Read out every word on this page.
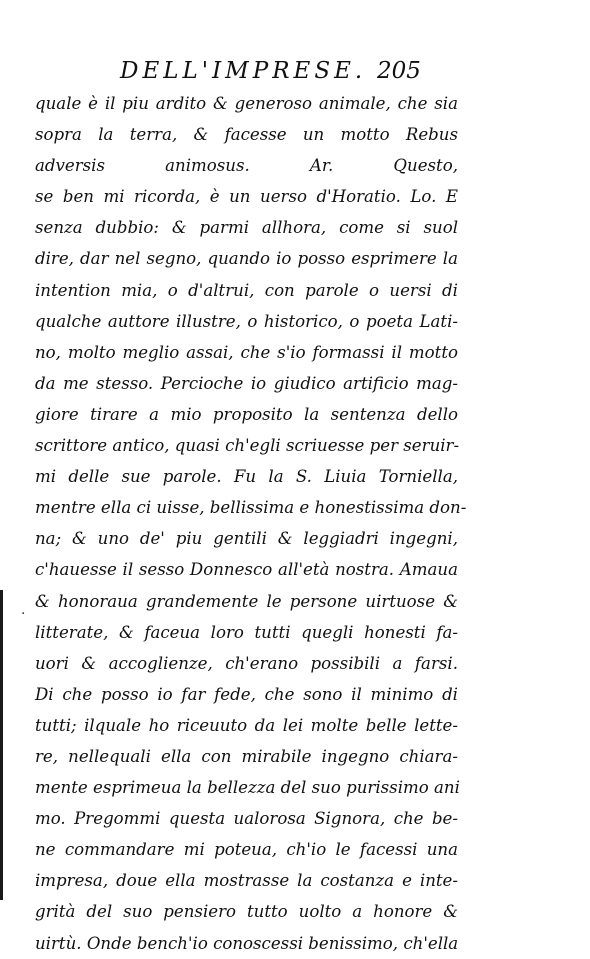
DELL'IMPRESE. 205
·
quale è il piu ardito & generoso animale, che sia
sopra la terra, & facesse un motto Rebus
adversis animosus. Ar. Questo,
se ben mi ricorda, è un uerso d'Horatio. Lo. E
senza dubbio: & parmi allhora, come si suol
dire, dar nel segno, quando io posso esprimere la
intention mia, o d'altrui, con parole o uersi di
qualche auttore illustre, o historico, o poeta Lati-
no, molto meglio assai, che s'io formassi il motto
da me stesso. Percioche io giudico artificio mag-
giore tirare a mio proposito la sentenza dello
scrittore antico, quasi ch'egli scriuesse per seruir-
mi delle sue parole. Fu la S. Liuia Torniella,
mentre ella ci uisse, bellissima e honestissima don-
na; & uno de' piu gentili & leggiadri ingegni,
c'hauesse il sesso Donnesco all'età nostra. Amaua
& honoraua grandemente le persone uirtuose &
litterate, & faceua loro tutti quegli honesti fa-
uori & accoglienze, ch'erano possibili a farsi.
Di che posso io far fede, che sono il minimo di
tutti; ilquale ho riceuuto da lei molte belle lette-
re, nellequali ella con mirabile ingegno chiara-
mente esprimeua la bellezza del suo purissimo ani
mo. Pregommi questa ualorosa Signora, che be-
ne commandare mi poteua, ch'io le facessi una
impresa, doue ella mostrasse la costanza e inte-
grità del suo pensiero tutto uolto a honore &
uirtù. Onde bench'io conoscessi benissimo, ch'ella
